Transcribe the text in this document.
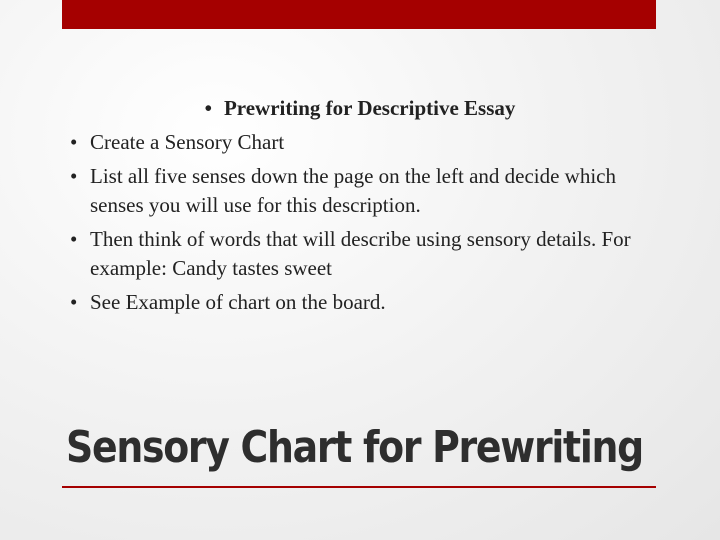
• Prewriting for Descriptive Essay
• Create a Sensory Chart
• List all five senses down the page on the left and decide which senses you will use for this description.
• Then think of words that will describe using sensory details. For example: Candy tastes sweet
• See Example of chart on the board.
Sensory Chart for Prewriting
